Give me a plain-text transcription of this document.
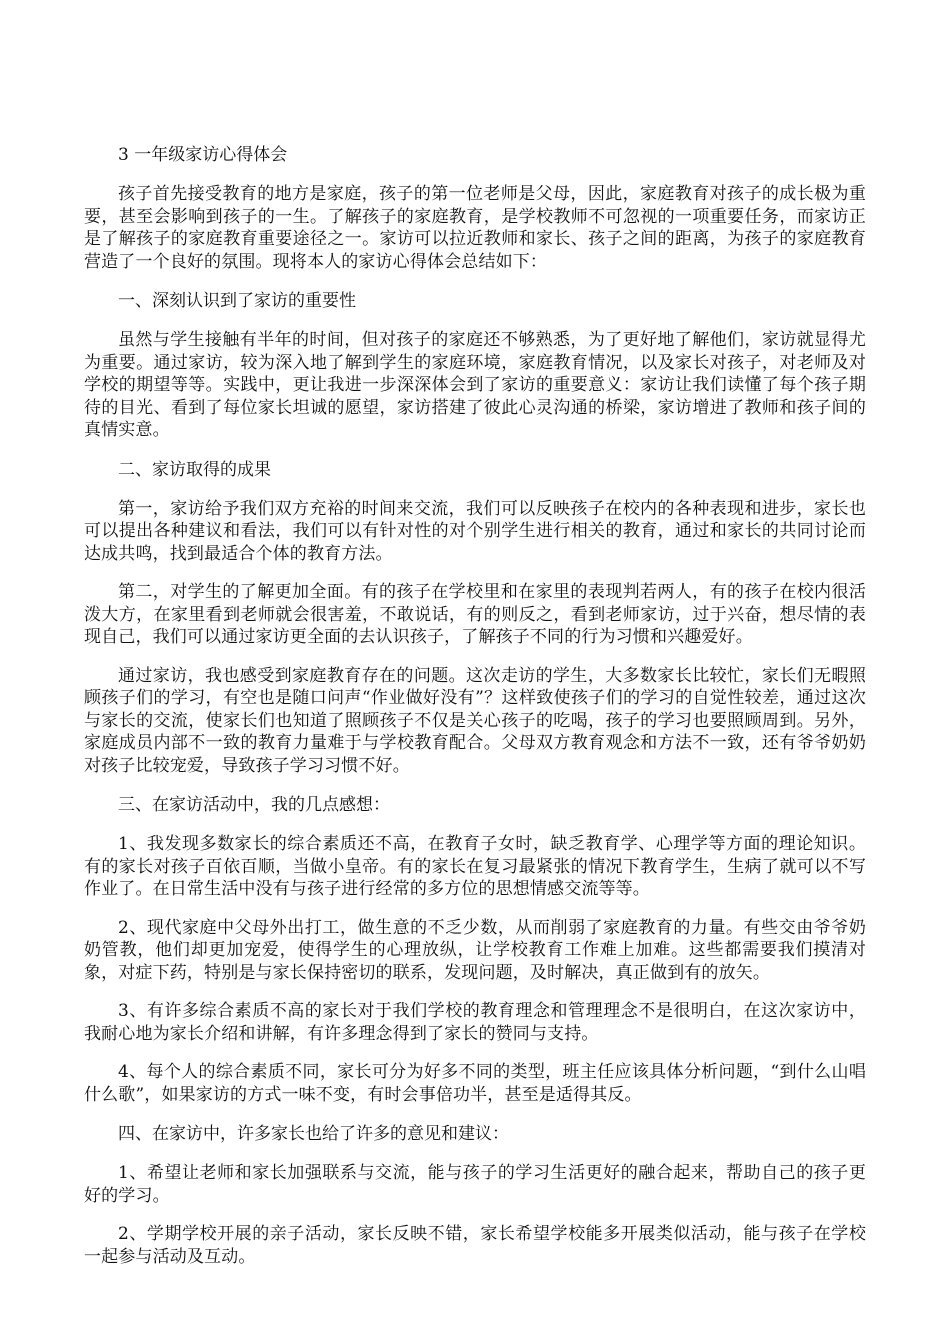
3 一年级家访心得体会

孩子首先接受教育的地方是家庭，孩子的第一位老师是父母，因此，家庭教育对孩子的成长极为重要，甚至会影响到孩子的一生。了解孩子的家庭教育，是学校教师不可忽视的一项重要任务，而家访正是了解孩子的家庭教育重要途径之一。家访可以拉近教师和家长、孩子之间的距离，为孩子的家庭教育营造了一个良好的氛围。现将本人的家访心得体会总结如下：

一、深刻认识到了家访的重要性

虽然与学生接触有半年的时间，但对孩子的家庭还不够熟悉，为了更好地了解他们，家访就显得尤为重要。通过家访，较为深入地了解到学生的家庭环境，家庭教育情况，以及家长对孩子，对老师及对学校的期望等等。实践中，更让我进一步深深体会到了家访的重要意义：家访让我们读懂了每个孩子期待的目光、看到了每位家长坦诚的愿望，家访搭建了彼此心灵沟通的桥梁，家访增进了教师和孩子间的真情实意。

二、家访取得的成果

第一，家访给予我们双方充裕的时间来交流，我们可以反映孩子在校内的各种表现和进步，家长也可以提出各种建议和看法，我们可以有针对性的对个别学生进行相关的教育，通过和家长的共同讨论而达成共鸣，找到最适合个体的教育方法。

第二，对学生的了解更加全面。有的孩子在学校里和在家里的表现判若两人，有的孩子在校内很活泼大方，在家里看到老师就会很害羞，不敢说话，有的则反之，看到老师家访，过于兴奋，想尽情的表现自己，我们可以通过家访更全面的去认识孩子，了解孩子不同的行为习惯和兴趣爱好。

通过家访，我也感受到家庭教育存在的问题。这次走访的学生，大多数家长比较忙，家长们无暇照顾孩子们的学习，有空也是随口问声“作业做好没有”？这样致使孩子们的学习的自觉性较差，通过这次与家长的交流，使家长们也知道了照顾孩子不仅是关心孩子的吃喝，孩子的学习也要照顾周到。另外，家庭成员内部不一致的教育力量难于与学校教育配合。父母双方教育观念和方法不一致，还有爷爷奶奶对孩子比较宠爱，导致孩子学习习惯不好。

三、在家访活动中，我的几点感想：

1、我发现多数家长的综合素质还不高，在教育子女时，缺乏教育学、心理学等方面的理论知识。有的家长对孩子百依百顺，当做小皇帝。有的家长在复习最紧张的情况下教育学生，生病了就可以不写作业了。在日常生活中没有与孩子进行经常的多方位的思想情感交流等等。

2、现代家庭中父母外出打工，做生意的不乏少数，从而削弱了家庭教育的力量。有些交由爷爷奶奶管教，他们却更加宠爱，使得学生的心理放纵，让学校教育工作难上加难。这些都需要我们摸清对象，对症下药，特别是与家长保持密切的联系，发现问题，及时解决，真正做到有的放矢。

3、有许多综合素质不高的家长对于我们学校的教育理念和管理理念不是很明白，在这次家访中，我耐心地为家长介绍和讲解，有许多理念得到了家长的赞同与支持。

4、每个人的综合素质不同，家长可分为好多不同的类型，班主任应该具体分析问题，“到什么山唱什么歌”，如果家访的方式一味不变，有时会事倍功半，甚至是适得其反。

四、在家访中，许多家长也给了许多的意见和建议：

1、希望让老师和家长加强联系与交流，能与孩子的学习生活更好的融合起来，帮助自己的孩子更好的学习。

2、学期学校开展的亲子活动，家长反映不错，家长希望学校能多开展类似活动，能与孩子在学校一起参与活动及互动。
